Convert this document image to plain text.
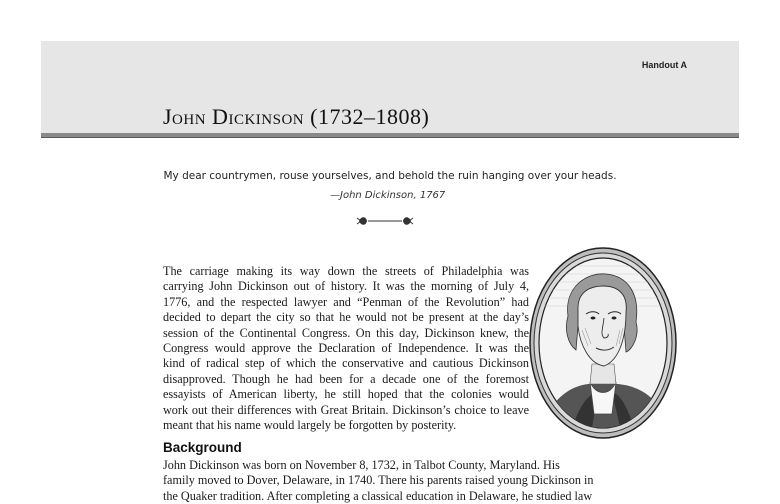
Handout A
John Dickinson (1732–1808)
My dear countrymen, rouse yourselves, and behold the ruin hanging over your heads.
—John Dickinson, 1767

The carriage making its way down the streets of Philadelphia was
carrying John Dickinson out of history. It was the morning of July 4,
1776, and the respected lawyer and “Penman of the Revolution” had
decided to depart the city so that he would not be present at the day’s
session of the Continental Congress. On this day, Dickinson knew, the
Congress would approve the Declaration of Independence. It was the
kind of radical step of which the conservative and cautious Dickinson
disapproved. Though he had been for a decade one of the foremost
essayists of American liberty, he still hoped that the colonies would
work out their differences with Great Britain. Dickinson’s choice to leave
meant that his name would largely be forgotten by posterity.

Background

John Dickinson was born on November 8, 1732, in Talbot County, Maryland. His
family moved to Dover, Delaware, in 1740. There his parents raised young Dickinson in
the Quaker tradition. After completing a classical education in Delaware, he studied law
